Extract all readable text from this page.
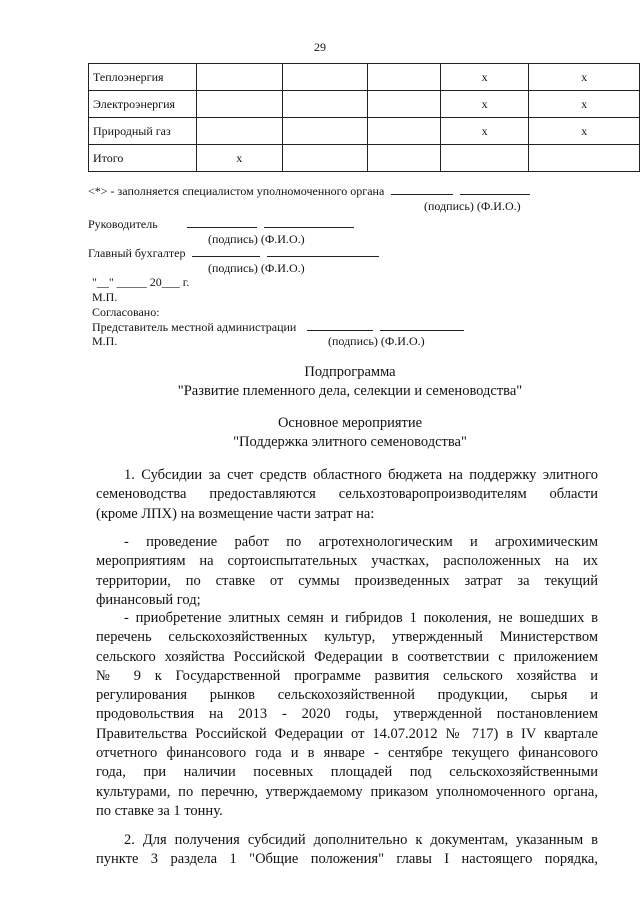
29
Теплоэнергия				x	x
Электроэнергия				x	x
Природный газ				x	x
Итого	x				
<*> - заполняется специалистом уполномоченного органа
(подпись) (Ф.И.О.)
Руководитель
(подпись) (Ф.И.О.)
Главный бухгалтер
(подпись) (Ф.И.О.)
"__" _____ 20___ г.
М.П.
Согласовано:
Представитель местной администрации
М.П.	(подпись) (Ф.И.О.)
Подпрограмма
"Развитие племенного дела, селекции и семеноводства"
Основное мероприятие
"Поддержка элитного семеноводства"
1. Субсидии за счет средств областного бюджета на поддержку элитного
семеноводства предоставляются сельхозтоваропроизводителям области
(кроме ЛПХ) на возмещение части затрат на:
- проведение работ по агротехнологическим и агрохимическим
мероприятиям на сортоиспытательных участках, расположенных на их
территории, по ставке от суммы произведенных затрат за текущий
финансовый год;
- приобретение элитных семян и гибридов 1 поколения, не вошедших в
перечень сельскохозяйственных культур, утвержденный Министерством
сельского хозяйства Российской Федерации в соответствии с приложением
№ 9 к Государственной программе развития сельского хозяйства и
регулирования рынков сельскохозяйственной продукции, сырья и
продовольствия на 2013 - 2020 годы, утвержденной постановлением
Правительства Российской Федерации от 14.07.2012 № 717) в IV квартале
отчетного финансового года и в январе - сентябре текущего финансового
года, при наличии посевных площадей под сельскохозяйственными
культурами, по перечню, утверждаемому приказом уполномоченного органа,
по ставке за 1 тонну.
2. Для получения субсидий дополнительно к документам, указанным в
пункте 3 раздела 1 "Общие положения" главы I настоящего порядка,
